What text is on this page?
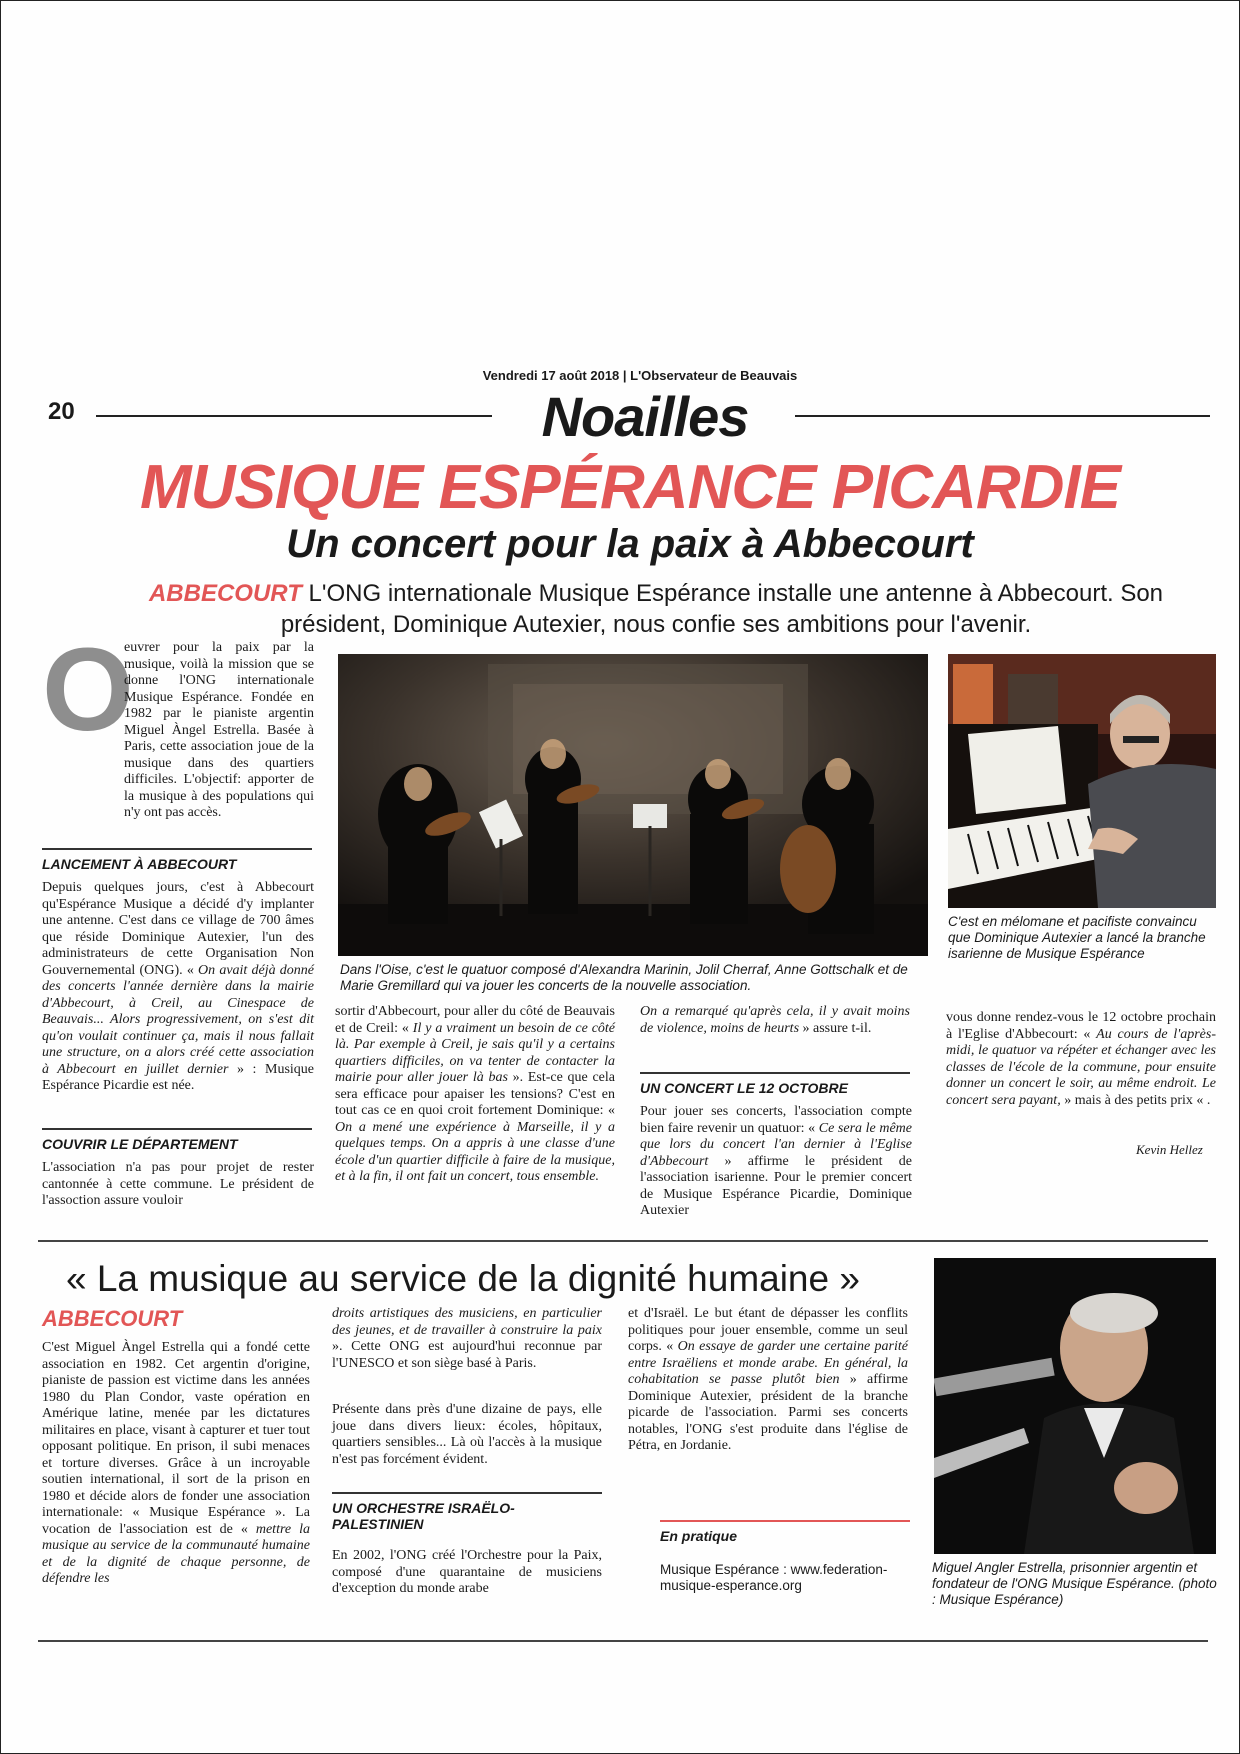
Vendredi 17 août 2018 | L'Observateur de Beauvais
20	Noailles
MUSIQUE ESPÉRANCE PICARDIE
Un concert pour la paix à Abbecourt
ABBECOURT L'ONG internationale Musique Espérance installe une antenne à Abbecourt. Son président, Dominique Autexier, nous confie ses ambitions pour l'avenir.
O
euvrer pour la paix par la musique, voilà la mission que se donne l'ONG internationale Musique Espérance. Fondée en 1982 par le pianiste argentin Miguel Àngel Estrella. Basée à Paris, cette association joue de la musique dans des quartiers difficiles. L'objectif: apporter de la musique à des populations qui n'y ont pas accès.
LANCEMENT À ABBECOURT
Depuis quelques jours, c'est à Abbecourt qu'Espérance Musique a décidé d'y implanter une antenne. C'est dans ce village de 700 âmes que réside Dominique Autexier, l'un des administrateurs de cette Organisation Non Gouvernemental (ONG). « On avait déjà donné des concerts l'année dernière dans la mairie d'Abbecourt, à Creil, au Cinespace de Beauvais... Alors progressivement, on s'est dit qu'on voulait continuer ça, mais il nous fallait une structure, on a alors créé cette association à Abbecourt en juillet dernier » : Musique Espérance Picardie est née.
COUVRIR LE DÉPARTEMENT
L'association n'a pas pour projet de rester cantonnée à cette commune. Le président de l'assoction assure vouloir
Dans l'Oise, c'est le quatuor composé d'Alexandra Marinin, Jolil Cherraf, Anne Gottschalk et de Marie Gremillard qui va jouer les concerts de la nouvelle association.
C'est en mélomane et pacifiste convaincu que Dominique Autexier a lancé la branche isarienne de Musique Espérance
sortir d'Abbecourt, pour aller du côté de Beauvais et de Creil: « Il y a vraiment un besoin de ce côté là. Par exemple à Creil, je sais qu'il y a certains quartiers difficiles, on va tenter de contacter la mairie pour aller jouer là bas ». Est-ce que cela sera efficace pour apaiser les tensions? C'est en tout cas ce en quoi croit fortement Dominique: « On a mené une expérience à Marseille, il y a quelques temps. On a appris à une classe d'une école d'un quartier difficile à faire de la musique, et à la fin, il ont fait un concert, tous ensemble.
On a remarqué qu'après cela, il y avait moins de violence, moins de heurts » assure t-il.
UN CONCERT LE 12 OCTOBRE
Pour jouer ses concerts, l'association compte bien faire revenir un quatuor: « Ce sera le même que lors du concert l'an dernier à l'Eglise d'Abbecourt » affirme le président de l'association isarienne. Pour le premier concert de Musique Espérance Picardie, Dominique Autexier
vous donne rendez-vous le 12 octobre prochain à l'Eglise d'Abbecourt: « Au cours de l'après-midi, le quatuor va répéter et échanger avec les classes de l'école de la commune, pour ensuite donner un concert le soir, au même endroit. Le concert sera payant, » mais à des petits prix « .
Kevin Hellez
« La musique au service de la dignité humaine »
ABBECOURT
C'est Miguel Àngel Estrella qui a fondé cette association en 1982. Cet argentin d'origine, pianiste de passion est victime dans les années 1980 du Plan Condor, vaste opération en Amérique latine, menée par les dictatures militaires en place, visant à capturer et tuer tout opposant politique. En prison, il subi menaces et torture diverses. Grâce à un incroyable soutien international, il sort de la prison en 1980 et décide alors de fonder une association internationale: « Musique Espérance ». La vocation de l'association est de « mettre la musique au service de la communauté humaine et de la dignité de chaque personne, de défendre les
droits artistiques des musiciens, en particulier des jeunes, et de travailler à construire la paix ». Cette ONG est aujourd'hui reconnue par l'UNESCO et son siège basé à Paris.
Présente dans près d'une dizaine de pays, elle joue dans divers lieux: écoles, hôpitaux, quartiers sensibles... Là où l'accès à la musique n'est pas forcément évident.
UN ORCHESTRE ISRAËLO-PALESTINIEN
En 2002, l'ONG créé l'Orchestre pour la Paix, composé d'une quarantaine de musiciens d'exception du monde arabe
et d'Israël. Le but étant de dépasser les conflits politiques pour jouer ensemble, comme un seul corps. « On essaye de garder une certaine parité entre Israëliens et monde arabe. En général, la cohabitation se passe plutôt bien » affirme Dominique Autexier, président de la branche picarde de l'association. Parmi ses concerts notables, l'ONG s'est produite dans l'église de Pétra, en Jordanie.
En pratique
Musique Espérance : www.federation-musique-esperance.org
Miguel Angler Estrella, prisonnier argentin et fondateur de l'ONG Musique Espérance. (photo : Musique Espérance)
